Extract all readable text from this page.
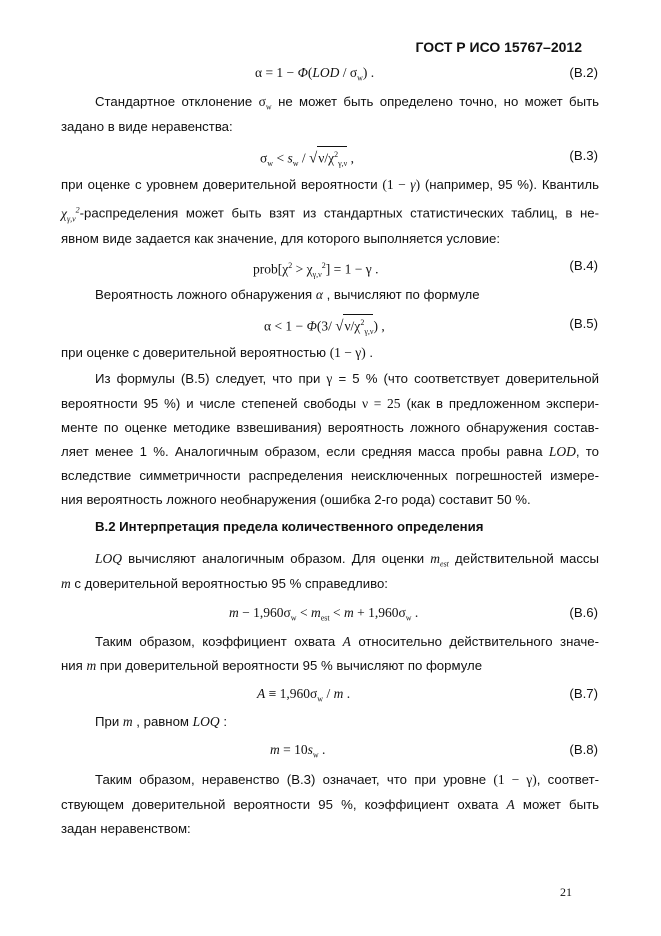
ГОСТ Р ИСО 15767–2012
$\alpha = 1 - \Phi(LOD / \sigma_w)$ .	(В.2)
Стандартное отклонение $\sigma_w$ не может быть определено точно, но может быть
задано в виде неравенства:
$\sigma_w < s_w / √\nu/\chi^2_{\gamma,\nu}$ ,	(В.3)
при оценке с уровнем доверительной вероятности (1 − γ) (например, 95 %). Квантиль
$\chi_{\gamma,\nu}^2$-распределения может быть взят из стандартных статистических таблиц, в не-
явном виде задается как значение, для которого выполняется условие:
$prob[\chi^2 > \chi_{\gamma,\nu}^2] = 1 - \gamma$ .	(В.4)
Вероятность ложного обнаружения α , вычисляют по формуле
α < 1 − Φ(3/ $√\nu/\chi^2_{\gamma,\nu}$) ,	(В.5)
при оценке с доверительной вероятностью (1 − γ) .
Из формулы (В.5) следует, что при γ = 5 % (что соответствует доверительной
вероятности 95 %) и числе степеней свободы ν = 25 (как в предложенном экспери-
менте по оценке методике взвешивания) вероятность ложного обнаружения состав-
ляет менее 1 %. Аналогичным образом, если средняя масса пробы равна LOD, то
вследствие симметричности распределения неисключенных погрешностей измере-
ния вероятность ложного необнаружения (ошибка 2-го рода) составит 50 %.
В.2 Интерпретация предела количественного определения
LOQ вычисляют аналогичным образом. Для оценки $m_{est}$ действительной массы
m с доверительной вероятностью 95 % справедливо:
$m - 1,960\sigma_w < m_{est} < m + 1,960\sigma_w$ .	(В.6)
Таким образом, коэффициент охвата A относительно действительного значе-
ния m при доверительной вероятности 95 % вычисляют по формуле
$A \equiv 1,960\sigma_w / m$ .	(В.7)
При m , равном LOQ :
$m = 10s_w$ .	(В.8)
Таким образом, неравенство (В.3) означает, что при уровне (1 − γ), соответ-
ствующем доверительной вероятности 95 %, коэффициент охвата A может быть
задан неравенством:
21
